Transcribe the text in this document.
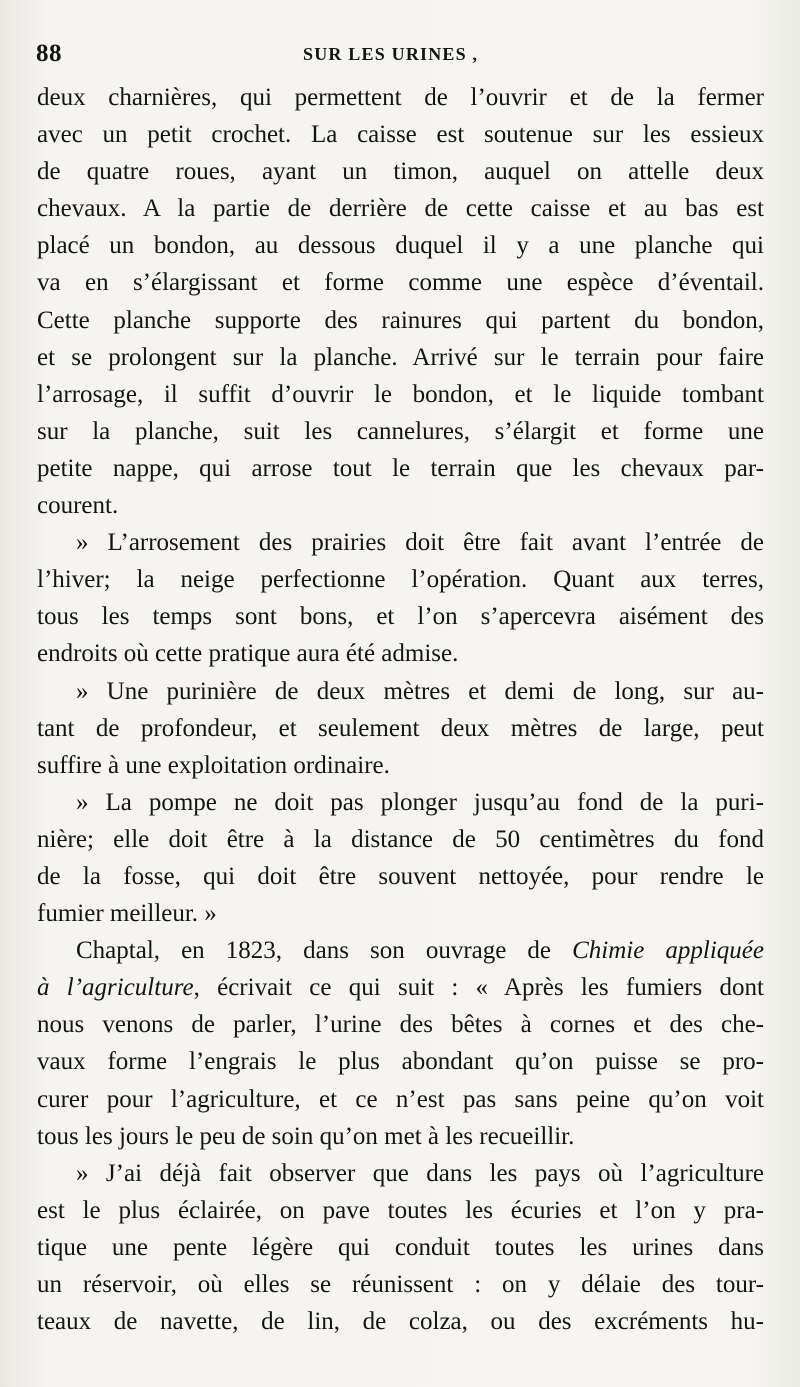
88	SUR LES URINES ,
deux charnières, qui permettent de l’ouvrir et de la fermer
avec un petit crochet. La caisse est soutenue sur les essieux
de quatre roues, ayant un timon, auquel on attelle deux
chevaux. A la partie de derrière de cette caisse et au bas est
placé un bondon, au dessous duquel il y a une planche qui
va en s’élargissant et forme comme une espèce d’éventail.
Cette planche supporte des rainures qui partent du bondon,
et se prolongent sur la planche. Arrivé sur le terrain pour faire
l’arrosage, il suffit d’ouvrir le bondon, et le liquide tombant
sur la planche, suit les cannelures, s’élargit et forme une
petite nappe, qui arrose tout le terrain que les chevaux par-
courent.
» L’arrosement des prairies doit être fait avant l’entrée de
l’hiver; la neige perfectionne l’opération. Quant aux terres,
tous les temps sont bons, et l’on s’apercevra aisément des
endroits où cette pratique aura été admise.
» Une purinière de deux mètres et demi de long, sur au-
tant de profondeur, et seulement deux mètres de large, peut
suffire à une exploitation ordinaire.
» La pompe ne doit pas plonger jusqu’au fond de la puri-
nière; elle doit être à la distance de 50 centimètres du fond
de la fosse, qui doit être souvent nettoyée, pour rendre le
fumier meilleur. »
Chaptal, en 1823, dans son ouvrage de Chimie appliquée
à l’agriculture, écrivait ce qui suit : « Après les fumiers dont
nous venons de parler, l’urine des bêtes à cornes et des che-
vaux forme l’engrais le plus abondant qu’on puisse se pro-
curer pour l’agriculture, et ce n’est pas sans peine qu’on voit
tous les jours le peu de soin qu’on met à les recueillir.
» J’ai déjà fait observer que dans les pays où l’agriculture
est le plus éclairée, on pave toutes les écuries et l’on y pra-
tique une pente légère qui conduit toutes les urines dans
un réservoir, où elles se réunissent : on y délaie des tour-
teaux de navette, de lin, de colza, ou des excréments hu-
